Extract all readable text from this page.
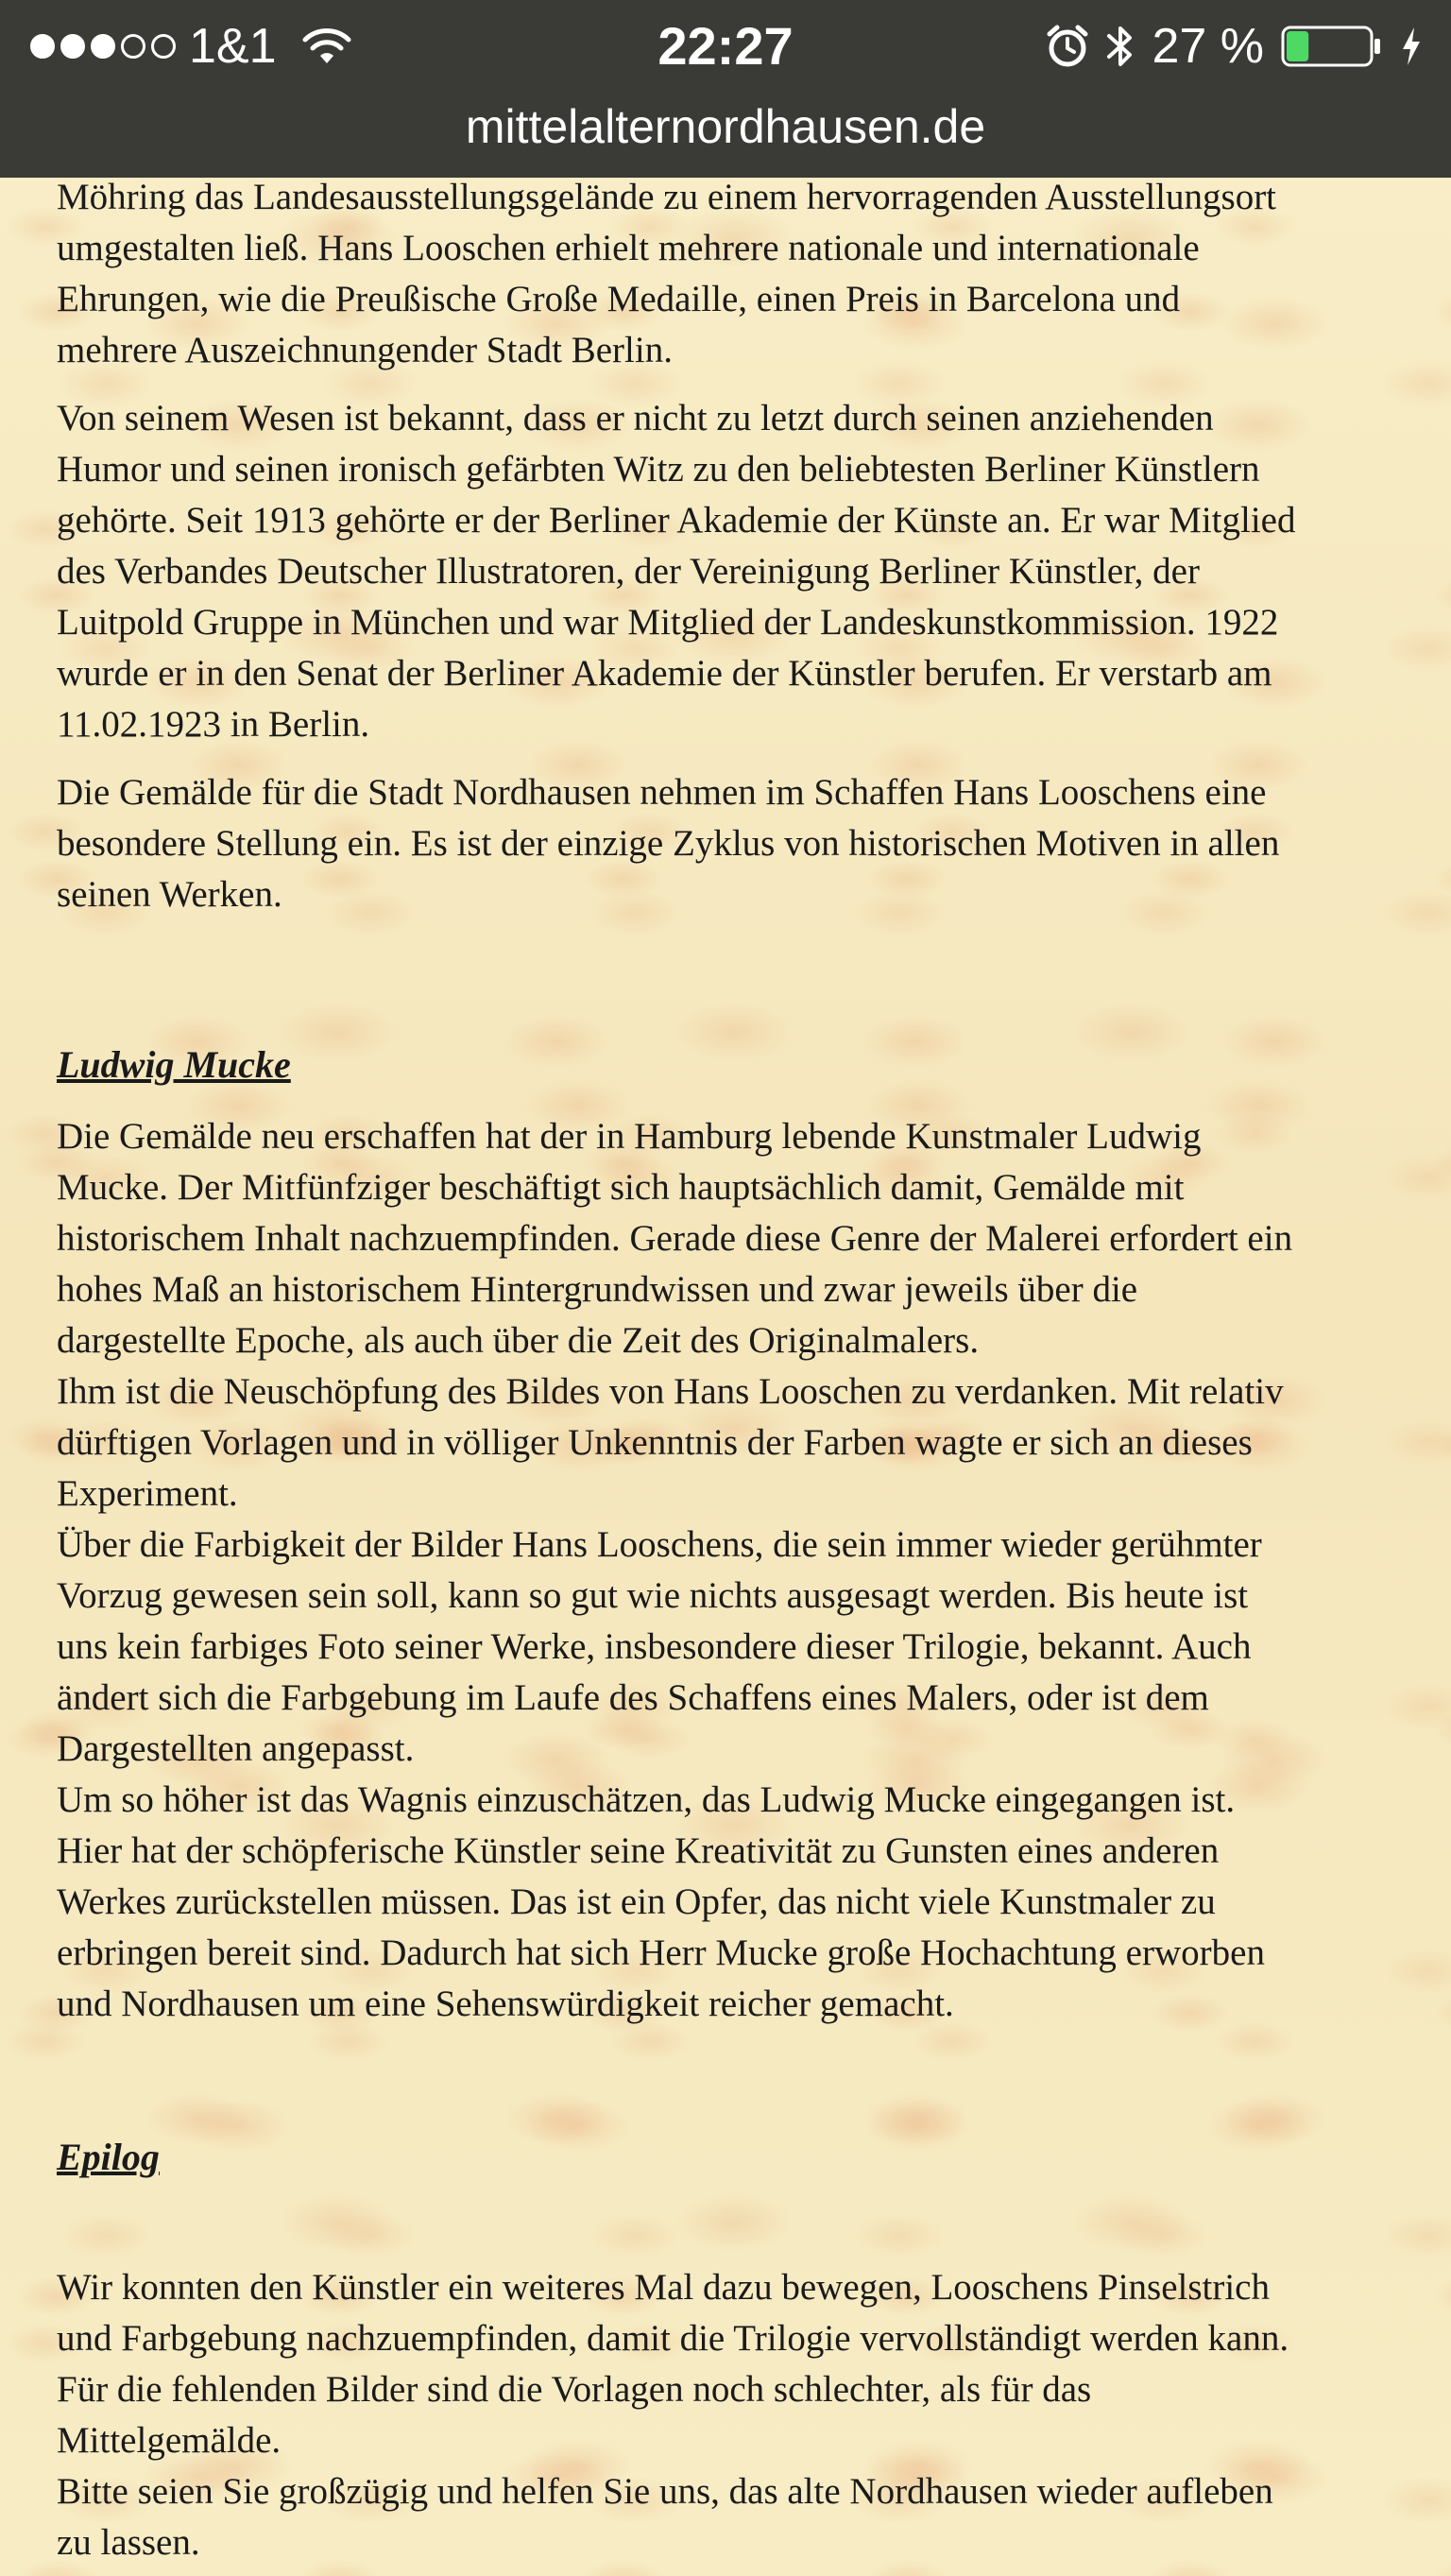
1&1	22:27	27 %
mittelalternordhausen.de

Möhring das Landesausstellungsgelände zu einem hervorragenden Ausstellungsort
umgestalten ließ. Hans Looschen erhielt mehrere nationale und internationale
Ehrungen, wie die Preußische Große Medaille, einen Preis in Barcelona und
mehrere Auszeichnungender Stadt Berlin.

Von seinem Wesen ist bekannt, dass er nicht zu letzt durch seinen anziehenden
Humor und seinen ironisch gefärbten Witz zu den beliebtesten Berliner Künstlern
gehörte. Seit 1913 gehörte er der Berliner Akademie der Künste an. Er war Mitglied
des Verbandes Deutscher Illustratoren, der Vereinigung Berliner Künstler, der
Luitpold Gruppe in München und war Mitglied der Landeskunstkommission. 1922
wurde er in den Senat der Berliner Akademie der Künstler berufen. Er verstarb am
11.02.1923 in Berlin.

Die Gemälde für die Stadt Nordhausen nehmen im Schaffen Hans Looschens eine
besondere Stellung ein. Es ist der einzige Zyklus von historischen Motiven in allen
seinen Werken.

Ludwig Mucke

Die Gemälde neu erschaffen hat der in Hamburg lebende Kunstmaler Ludwig
Mucke. Der Mitfünfziger beschäftigt sich hauptsächlich damit, Gemälde mit
historischem Inhalt nachzuempfinden. Gerade diese Genre der Malerei erfordert ein
hohes Maß an historischem Hintergrundwissen und zwar jeweils über die
dargestellte Epoche, als auch über die Zeit des Originalmalers.
Ihm ist die Neuschöpfung des Bildes von Hans Looschen zu verdanken. Mit relativ
dürftigen Vorlagen und in völliger Unkenntnis der Farben wagte er sich an dieses
Experiment.
Über die Farbigkeit der Bilder Hans Looschens, die sein immer wieder gerühmter
Vorzug gewesen sein soll, kann so gut wie nichts ausgesagt werden. Bis heute ist
uns kein farbiges Foto seiner Werke, insbesondere dieser Trilogie, bekannt. Auch
ändert sich die Farbgebung im Laufe des Schaffens eines Malers, oder ist dem
Dargestellten angepasst.
Um so höher ist das Wagnis einzuschätzen, das Ludwig Mucke eingegangen ist.
Hier hat der schöpferische Künstler seine Kreativität zu Gunsten eines anderen
Werkes zurückstellen müssen. Das ist ein Opfer, das nicht viele Kunstmaler zu
erbringen bereit sind. Dadurch hat sich Herr Mucke große Hochachtung erworben
und Nordhausen um eine Sehenswürdigkeit reicher gemacht.

Epilog

Wir konnten den Künstler ein weiteres Mal dazu bewegen, Looschens Pinselstrich
und Farbgebung nachzuempfinden, damit die Trilogie vervollständigt werden kann.
Für die fehlenden Bilder sind die Vorlagen noch schlechter, als für das
Mittelgemälde.
Bitte seien Sie großzügig und helfen Sie uns, das alte Nordhausen wieder aufleben
zu lassen.
